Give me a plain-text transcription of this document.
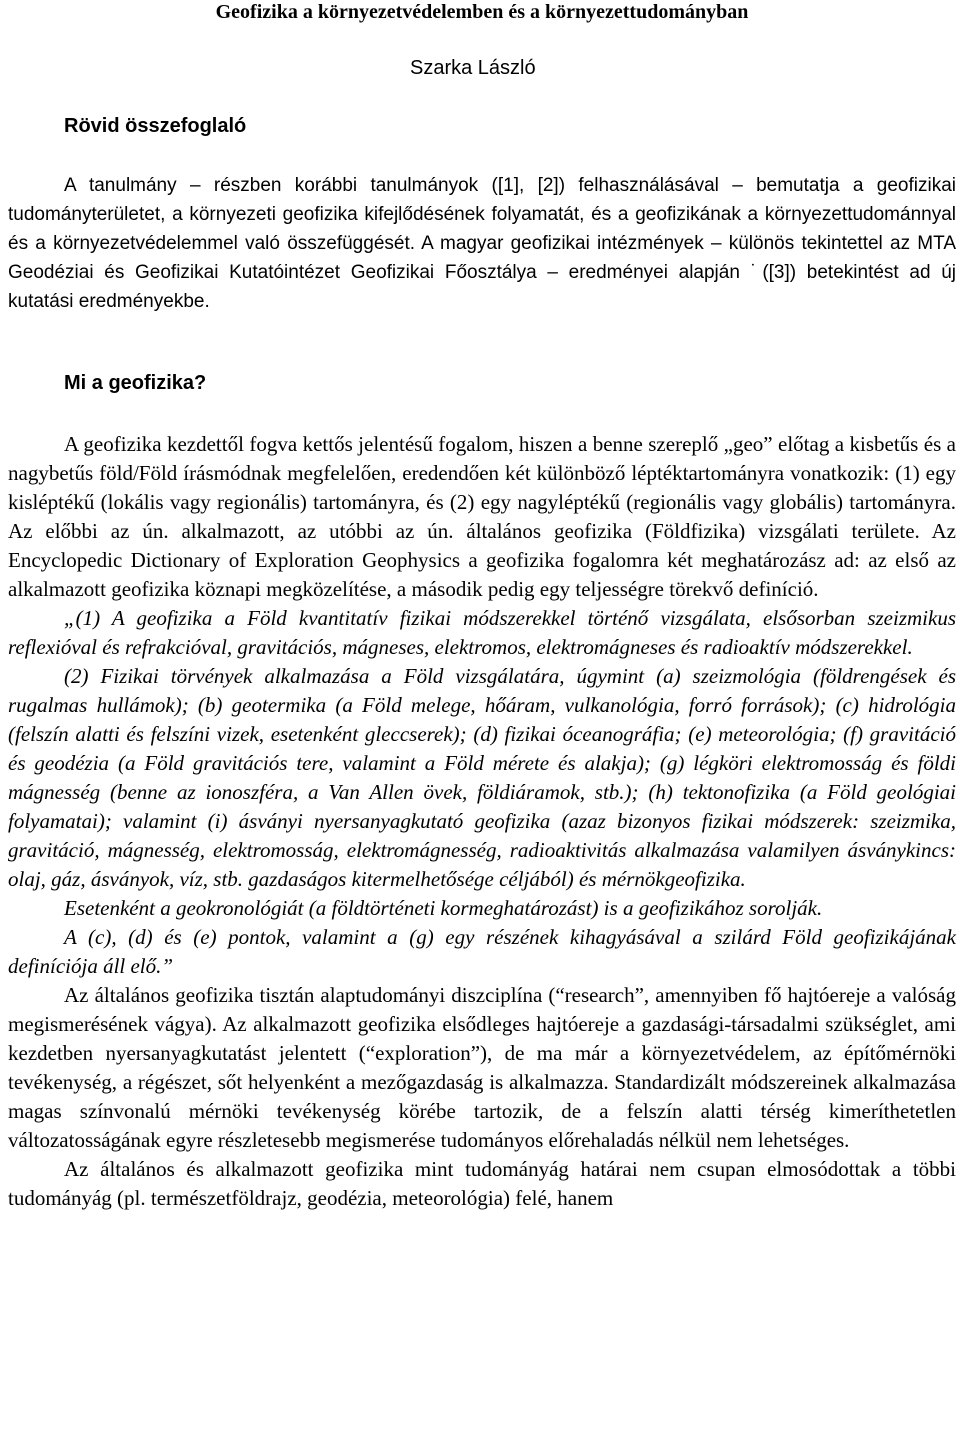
Geofizika a környezetvédelemben és a környezettudományban
Szarka László
Rövid összefoglaló

A tanulmány – részben korábbi tanulmányok ([1], [2]) felhasználásával – bemutatja a geofizikai tudományterületet, a környezeti geofizika kifejlődésének folyamatát, és a geofizikának a környezettudománnyal és a környezetvédelemmel való összefüggését. A magyar geofizikai intézmények – különös tekintettel az MTA Geodéziai és Geofizikai Kutatóintézet Geofizikai Főosztálya – eredményei alapján ˙([3]) betekintést ad új kutatási eredményekbe.

Mi a geofizika?

A geofizika kezdettől fogva kettős jelentésű fogalom, hiszen a benne szereplő „geo” előtag a kisbetűs és a nagybetűs föld/Föld írásmódnak megfelelően, eredendően két különböző léptéktartományra vonatkozik: (1) egy kisléptékű (lokális vagy regionális) tartományra, és (2) egy nagyléptékű (regionális vagy globális) tartományra. Az előbbi az ún. alkalmazott, az utóbbi az ún. általános geofizika (Földfizika) vizsgálati területe. Az Encyclopedic Dictionary of Exploration Geophysics a geofizika fogalomra két meghatározász ad: az első az alkalmazott geofizika köznapi megközelítése, a második pedig egy teljességre törekvő definíció.

„(1) A geofizika a Föld kvantitatív fizikai módszerekkel történő vizsgálata, elsősorban szeizmikus reflexióval és refrakcióval, gravitációs, mágneses, elektromos, elektromágneses és radioaktív módszerekkel.

(2) Fizikai törvények alkalmazása a Föld vizsgálatára, úgymint (a) szeizmológia (földrengések és rugalmas hullámok); (b) geotermika (a Föld melege, hőáram, vulkanológia, forró források); (c) hidrológia (felszín alatti és felszíni vizek, esetenként gleccserek); (d) fizikai óceanográfia; (e) meteorológia; (f) gravitáció és geodézia (a Föld gravitációs tere, valamint a Föld mérete és alakja); (g) légköri elektromosság és földi mágnesség (benne az ionoszféra, a Van Allen övek, földiáramok, stb.); (h) tektonofizika (a Föld geológiai folyamatai); valamint (i) ásványi nyersanyagkutató geofizika (azaz bizonyos fizikai módszerek: szeizmika, gravitáció, mágnesség, elektromosság, elektromágnesség, radioaktivitás alkalmazása valamilyen ásványkincs: olaj, gáz, ásványok, víz, stb. gazdaságos kitermelhetősége céljából) és mérnökgeofizika.

Esetenként a geokronológiát (a földtörténeti kormeghatározást) is a geofizikához sorolják.

A (c), (d) és (e) pontok, valamint a (g) egy részének kihagyásával a szilárd Föld geofizikájának definíciója áll elő.”

Az általános geofizika tisztán alaptudományi diszciplína (“research”, amennyiben fő hajtóereje a valóság megismerésének vágya). Az alkalmazott geofizika elsődleges hajtóereje a gazdasági-társadalmi szükséglet, ami kezdetben nyersanyagkutatást jelentett (“exploration”), de ma már a környezetvédelem, az építőmérnöki tevékenység, a régészet, sőt helyenként a mezőgazdaság is alkalmazza. Standardizált módszereinek alkalmazása magas színvonalú mérnöki tevékenység körébe tartozik, de a felszín alatti térség kimeríthetetlen változatosságának egyre részletesebb megismerése tudományos előrehaladás nélkül nem lehetséges.

Az általános és alkalmazott geofizika mint tudományág határai nem csupan elmosódottak a többi tudományág (pl. természetföldrajz, geodézia, meteorológia) felé, hanem
